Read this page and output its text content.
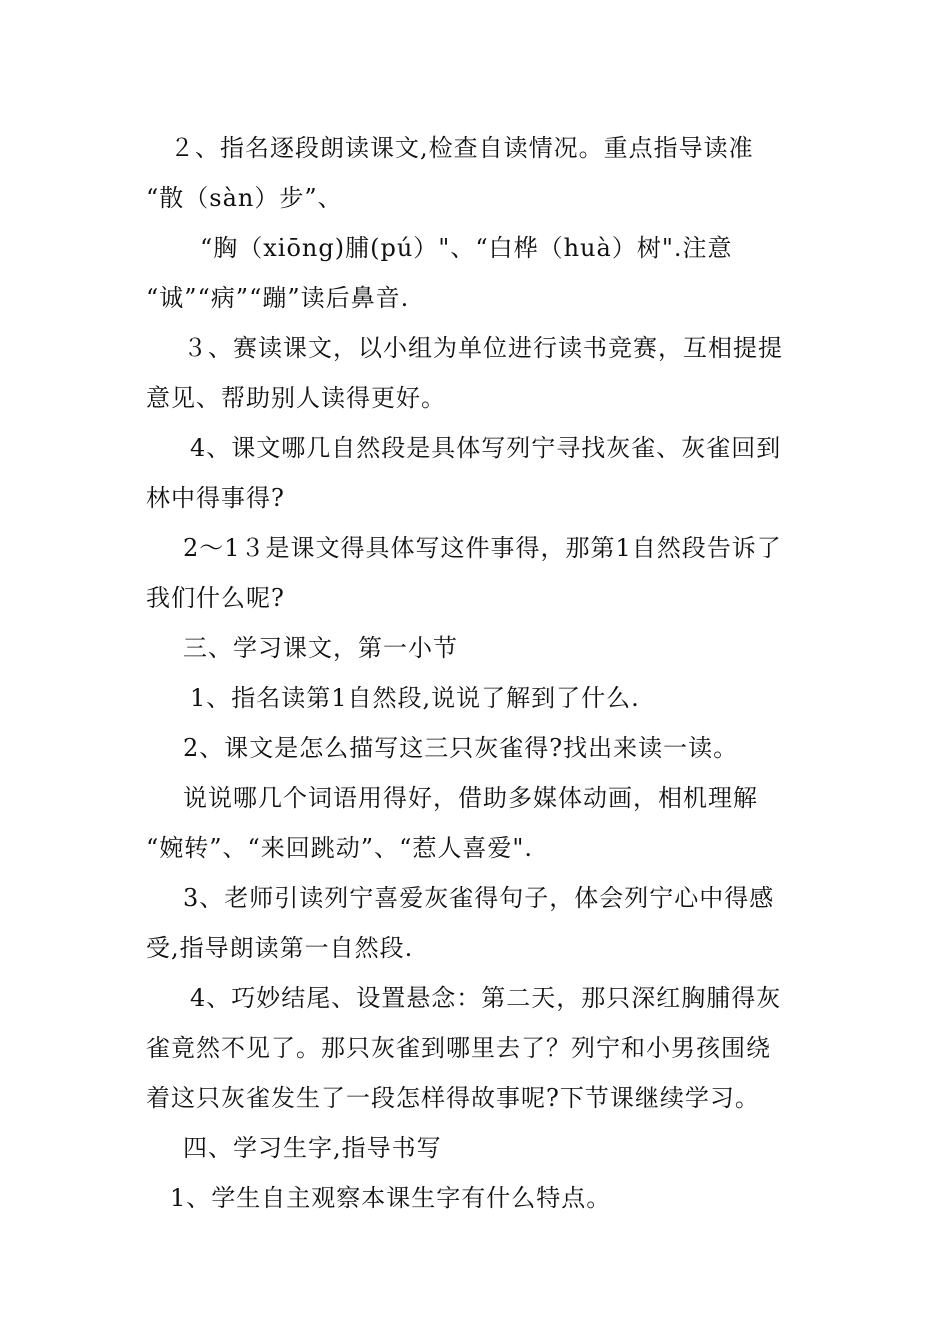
２、指名逐段朗读课文,检查自读情况。重点指导读准
“散（sàn）步”、
“胸（xiōng)脯(pú）"、“白桦（huà）树".注意
“诚”“病”“蹦”读后鼻音.
３、赛读课文，以小组为单位进行读书竞赛，互相提提
意见、帮助别人读得更好。
4、课文哪几自然段是具体写列宁寻找灰雀、灰雀回到
林中得事得?
2～1３是课文得具体写这件事得，那第1自然段告诉了
我们什么呢?
三、学习课文，第一小节
1、指名读第1自然段,说说了解到了什么.
2、课文是怎么描写这三只灰雀得?找出来读一读。
说说哪几个词语用得好，借助多媒体动画，相机理解
“婉转”、“来回跳动”、“惹人喜爱".
3、老师引读列宁喜爱灰雀得句子，体会列宁心中得感
受,指导朗读第一自然段.
4、巧妙结尾、设置悬念：第二天，那只深红胸脯得灰
雀竟然不见了。那只灰雀到哪里去了？列宁和小男孩围绕
着这只灰雀发生了一段怎样得故事呢?下节课继续学习。
四、学习生字,指导书写
1、学生自主观察本课生字有什么特点。
